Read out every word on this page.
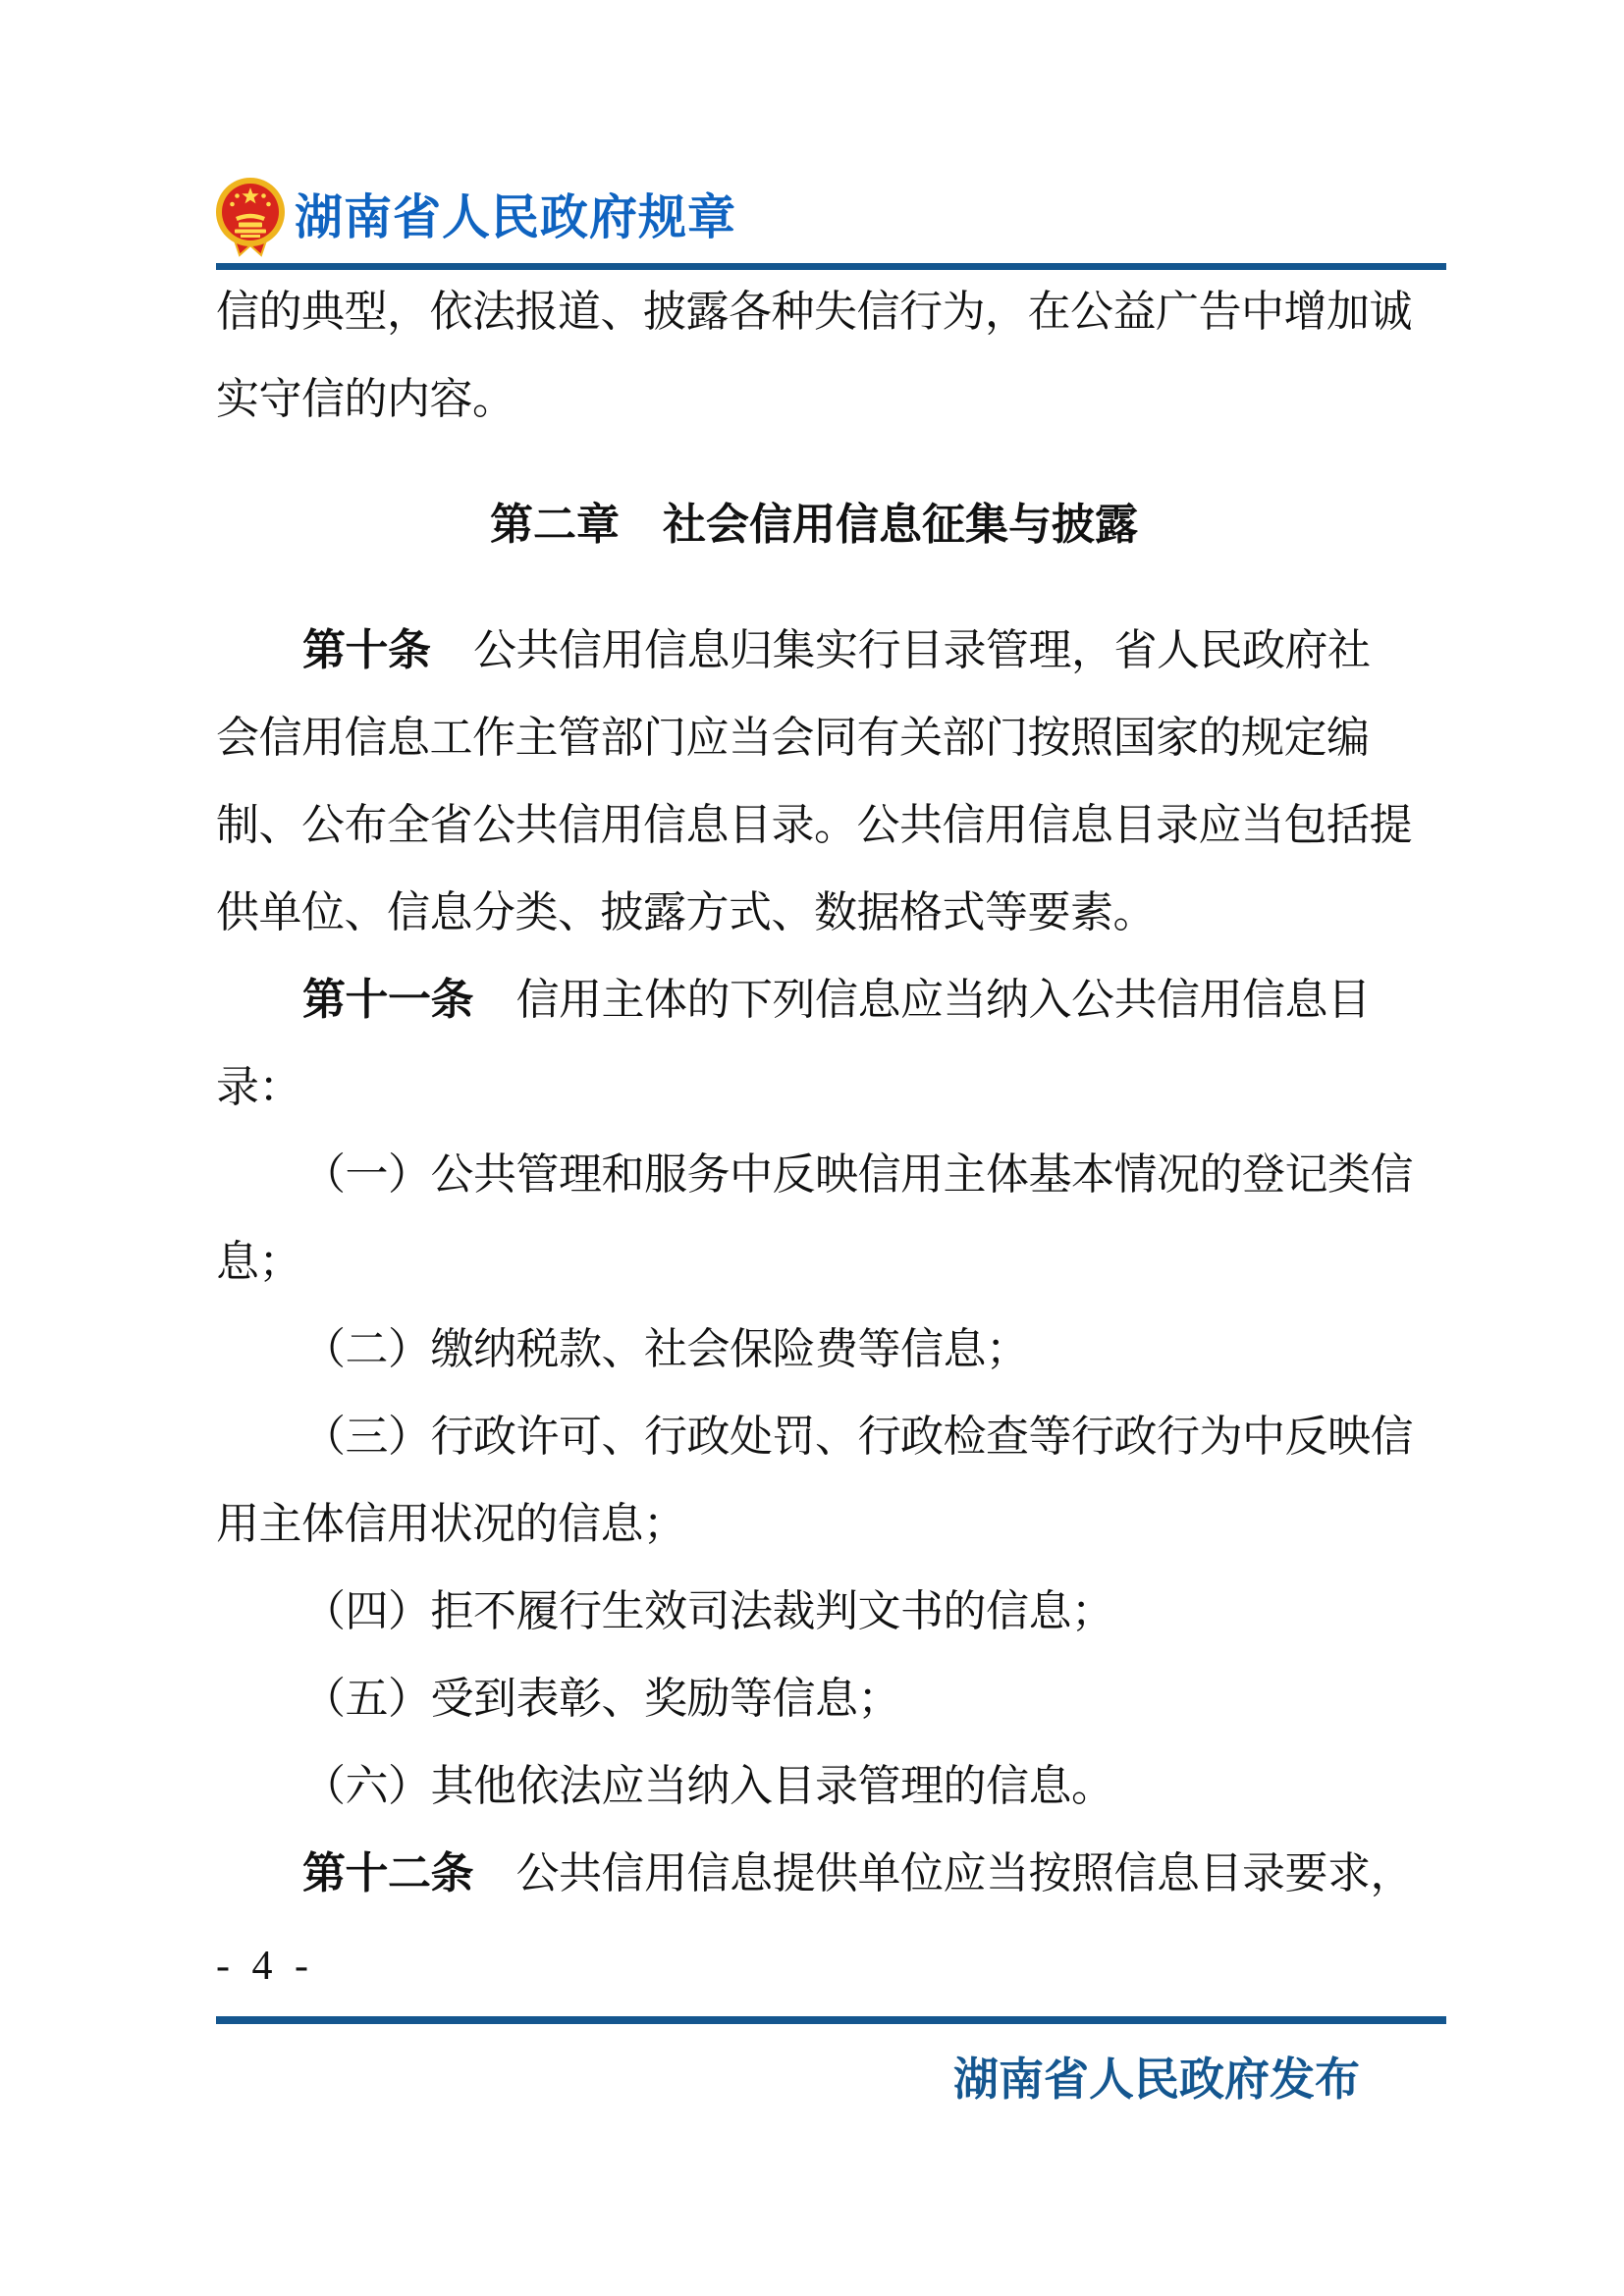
湖南省人民政府规章
信的典型，依法报道、披露各种失信行为，在公益广告中增加诚
实守信的内容。
第二章　社会信用信息征集与披露
第十条　公共信用信息归集实行目录管理，省人民政府社
会信用信息工作主管部门应当会同有关部门按照国家的规定编
制、公布全省公共信用信息目录。公共信用信息目录应当包括提
供单位、信息分类、披露方式、数据格式等要素。
第十一条　信用主体的下列信息应当纳入公共信用信息目
录：
（一）公共管理和服务中反映信用主体基本情况的登记类信
息；
（二）缴纳税款、社会保险费等信息；
（三）行政许可、行政处罚、行政检查等行政行为中反映信
用主体信用状况的信息；
（四）拒不履行生效司法裁判文书的信息；
（五）受到表彰、奖励等信息；
（六）其他依法应当纳入目录管理的信息。
第十二条　公共信用信息提供单位应当按照信息目录要求，
- 4 -
湖南省人民政府发布
